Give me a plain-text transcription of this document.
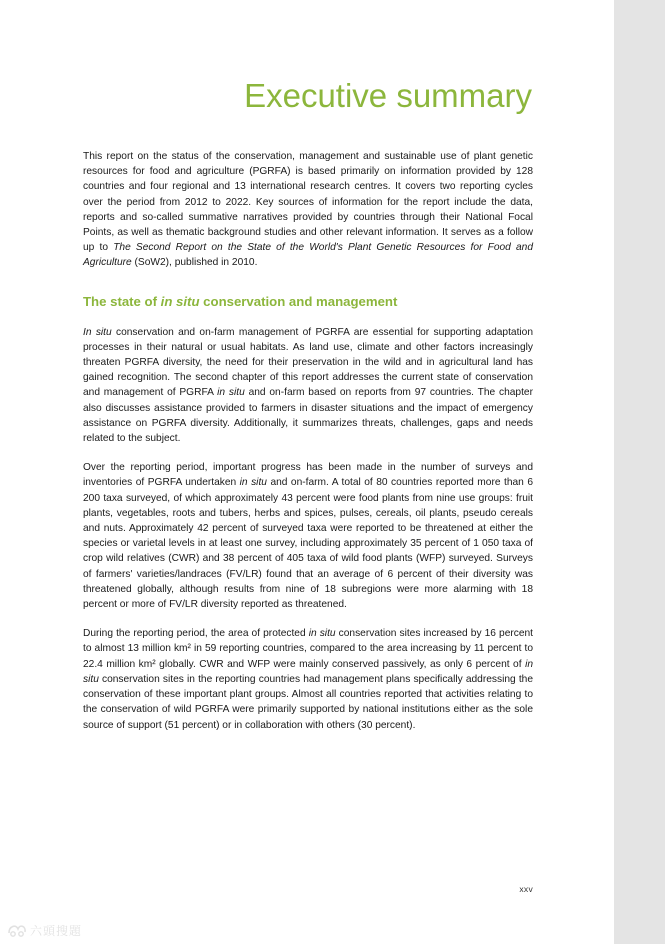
Executive summary

This report on the status of the conservation, management and sustainable use of plant genetic resources for food and agriculture (PGRFA) is based primarily on information provided by 128 countries and four regional and 13 international research centres. It covers two reporting cycles over the period from 2012 to 2022. Key sources of information for the report include the data, reports and so-called summative narratives provided by countries through their National Focal Points, as well as thematic background studies and other relevant information. It serves as a follow up to The Second Report on the State of the World's Plant Genetic Resources for Food and Agriculture (SoW2), published in 2010.

The state of in situ conservation and management

In situ conservation and on-farm management of PGRFA are essential for supporting adaptation processes in their natural or usual habitats. As land use, climate and other factors increasingly threaten PGRFA diversity, the need for their preservation in the wild and in agricultural land has gained recognition. The second chapter of this report addresses the current state of conservation and management of PGRFA in situ and on-farm based on reports from 97 countries. The chapter also discusses assistance provided to farmers in disaster situations and the impact of emergency assistance on PGRFA diversity. Additionally, it summarizes threats, challenges, gaps and needs related to the subject.

Over the reporting period, important progress has been made in the number of surveys and inventories of PGRFA undertaken in situ and on-farm. A total of 80 countries reported more than 6 200 taxa surveyed, of which approximately 43 percent were food plants from nine use groups: fruit plants, vegetables, roots and tubers, herbs and spices, pulses, cereals, oil plants, pseudo cereals and nuts. Approximately 42 percent of surveyed taxa were reported to be threatened at either the species or varietal levels in at least one survey, including approximately 35 percent of 1 050 taxa of crop wild relatives (CWR) and 38 percent of 405 taxa of wild food plants (WFP) surveyed. Surveys of farmers' varieties/landraces (FV/LR) found that an average of 6 percent of their diversity was threatened globally, although results from nine of 18 subregions were more alarming with 18 percent or more of FV/LR diversity reported as threatened.

During the reporting period, the area of protected in situ conservation sites increased by 16 percent to almost 13 million km² in 59 reporting countries, compared to the area increasing by 11 percent to 22.4 million km² globally. CWR and WFP were mainly conserved passively, as only 6 percent of in situ conservation sites in the reporting countries had management plans specifically addressing the conservation of these important plant groups. Almost all countries reported that activities relating to the conservation of wild PGRFA were primarily supported by national institutions either as the sole source of support (51 percent) or in collaboration with others (30 percent).

xxv
六頭搜題
